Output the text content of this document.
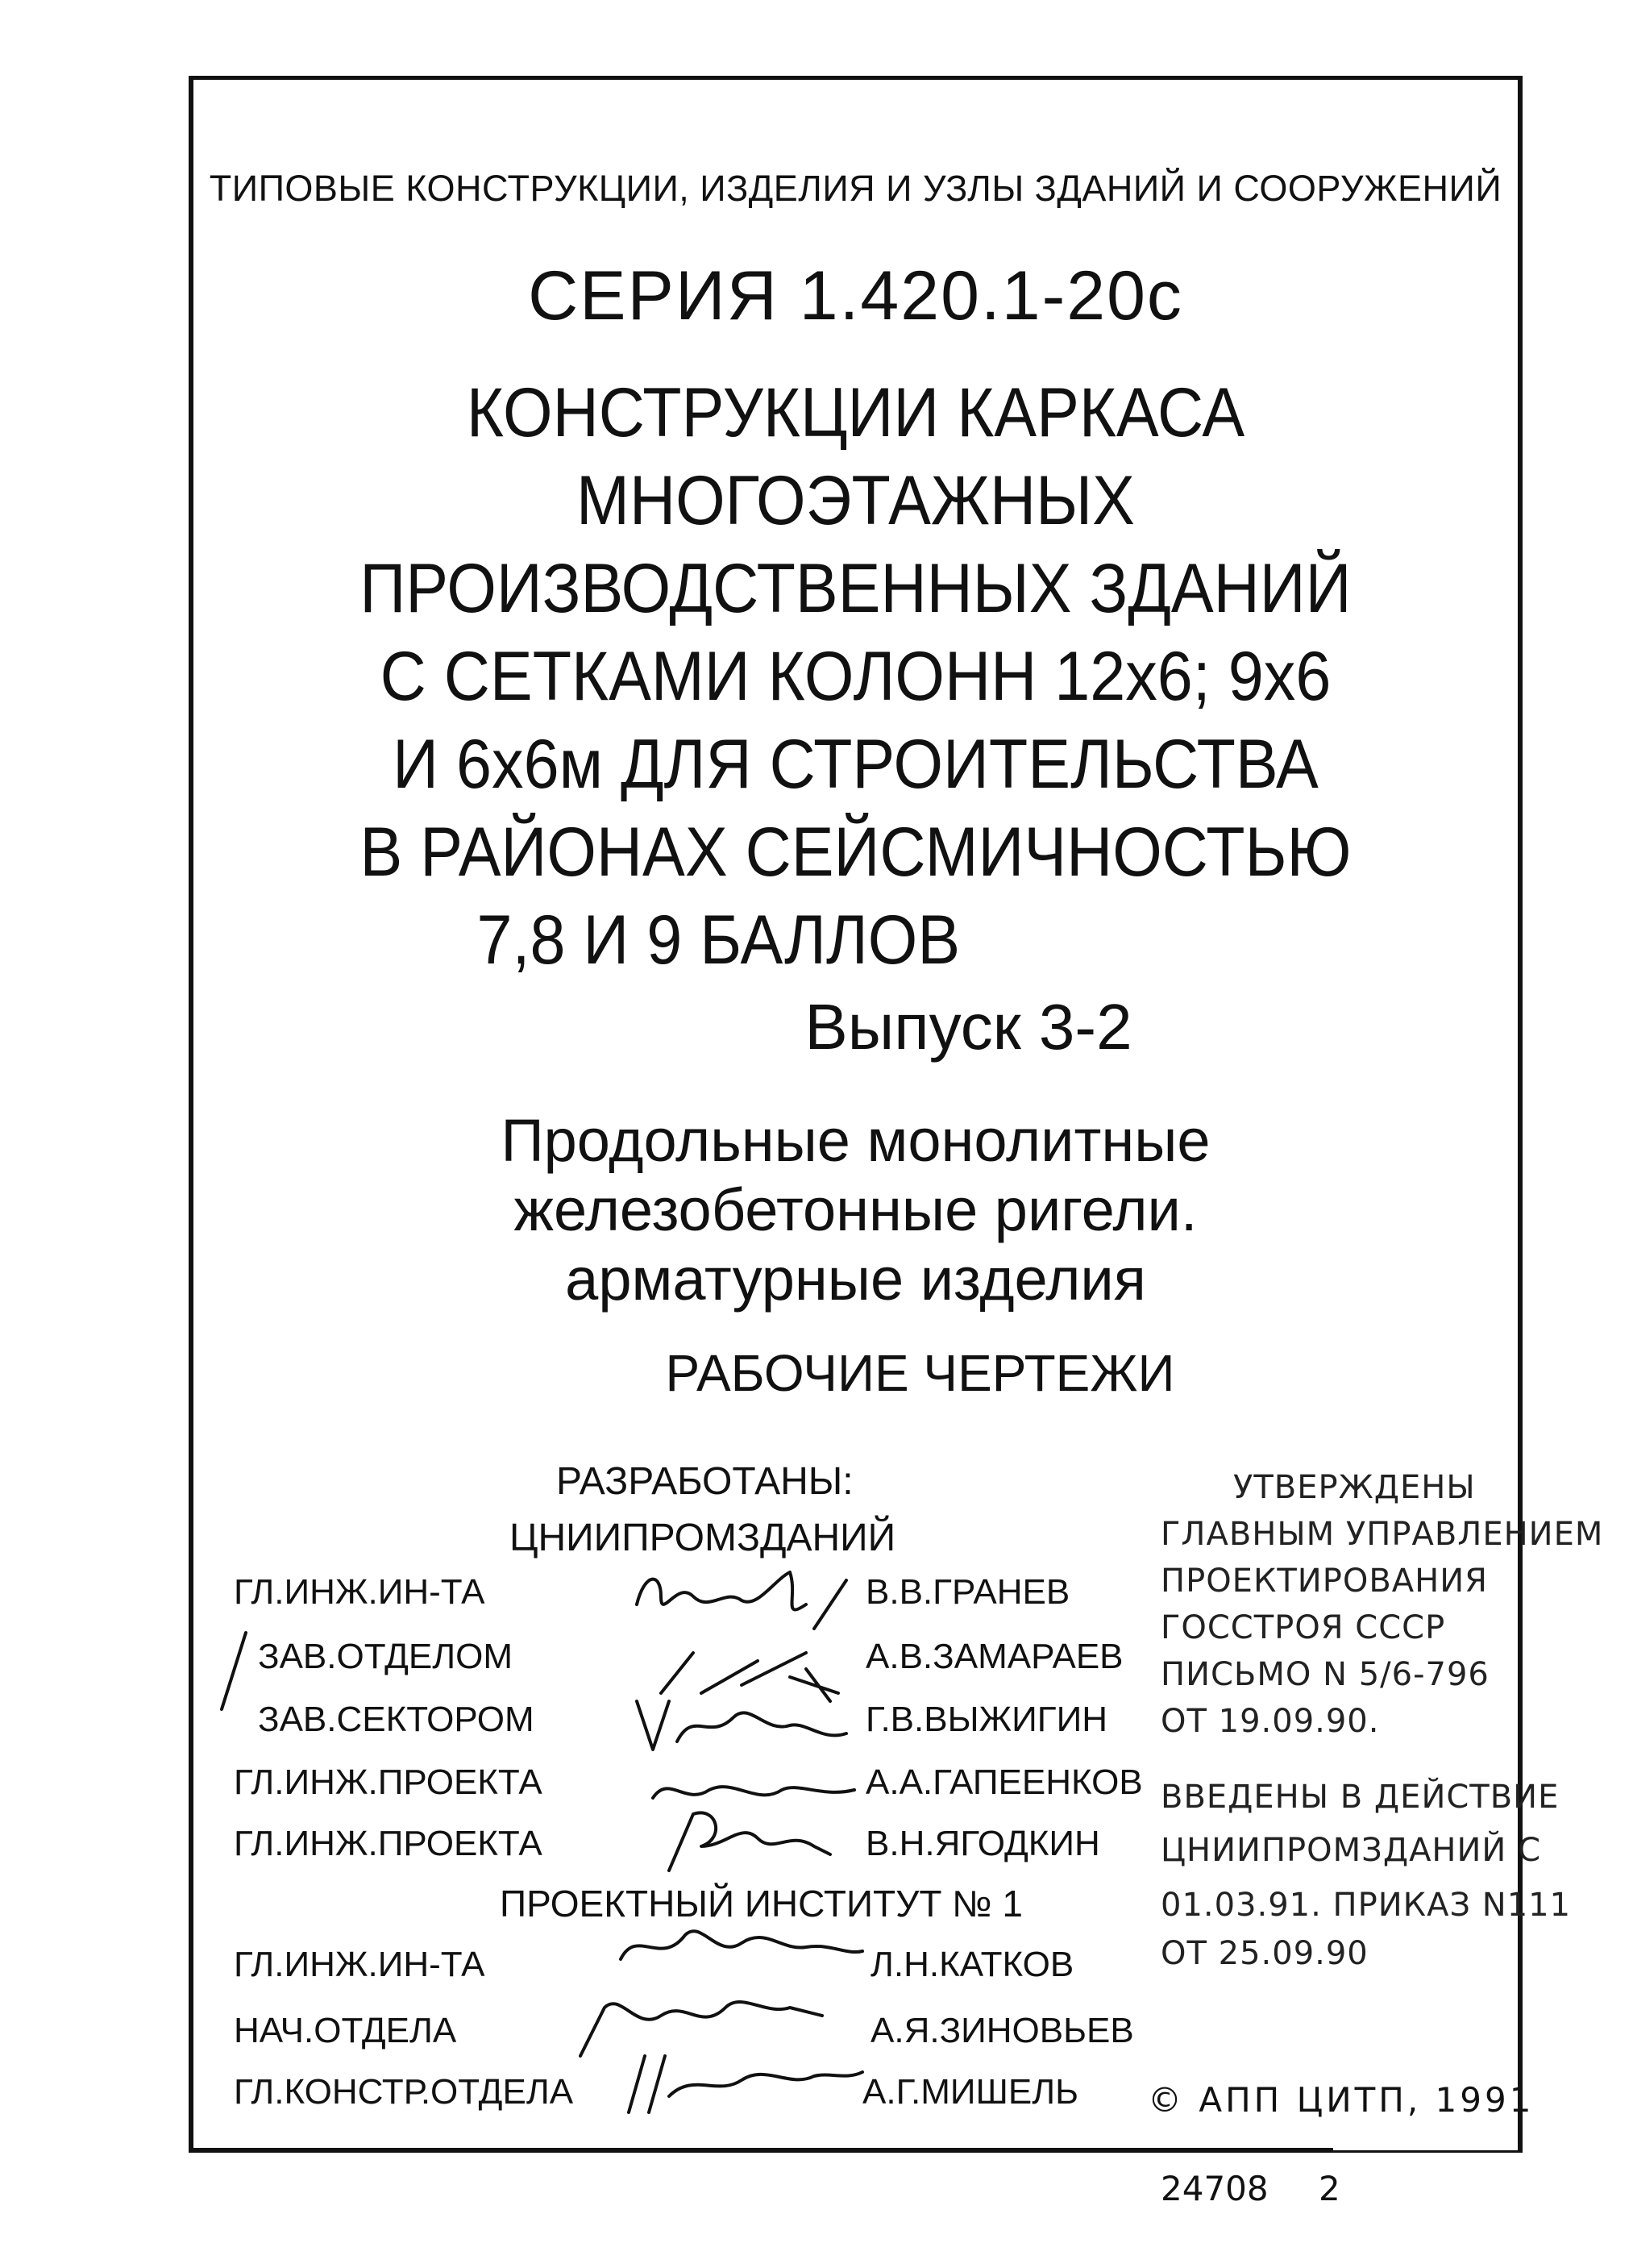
ТИПОВЫЕ КОНСТРУКЦИИ, ИЗДЕЛИЯ И УЗЛЫ ЗДАНИЙ И СООРУЖЕНИЙ
СЕРИЯ 1.420.1-20с
КОНСТРУКЦИИ КАРКАСА
МНОГОЭТАЖНЫХ
ПРОИЗВОДСТВЕННЫХ ЗДАНИЙ
С СЕТКАМИ КОЛОНН 12х6; 9х6
И 6х6м ДЛЯ СТРОИТЕЛЬСТВА
В РАЙОНАХ СЕЙСМИЧНОСТЬЮ
7,8 И 9 БАЛЛОВ
Выпуск 3-2
Продольные монолитные
железобетонные ригели.
арматурные изделия
РАБОЧИЕ ЧЕРТЕЖИ
РАЗРАБОТАНЫ:
ЦНИИПРОМЗДАНИЙ
ГЛ.ИНЖ.ИН-ТА	В.В.ГРАНЕВ
ЗАВ.ОТДЕЛОМ	А.В.ЗАМАРАЕВ
ЗАВ.СЕКТОРОМ	Г.В.ВЫЖИГИН
ГЛ.ИНЖ.ПРОЕКТА	А.А.ГАПЕЕНКОВ
ГЛ.ИНЖ.ПРОЕКТА	В.Н.ЯГОДКИН
ПРОЕКТНЫЙ ИНСТИТУТ № 1
ГЛ.ИНЖ.ИН-ТА	Л.Н.КАТКОВ
НАЧ.ОТДЕЛА	А.Я.ЗИНОВЬЕВ
ГЛ.КОНСТР.ОТДЕЛА	А.Г.МИШЕЛЬ
УТВЕРЖДЕНЫ
ГЛАВНЫМ УПРАВЛЕНИЕМ
ПРОЕКТИРОВАНИЯ
ГОССТРОЯ СССР
ПИСЬМО N 5/6-796
ОТ 19.09.90.
ВВЕДЕНЫ В ДЕЙСТВИЕ
ЦНИИПРОМЗДАНИЙ С
01.03.91. ПРИКАЗ N111
ОТ 25.09.90
© АПП ЦИТП, 1991
24708 2
